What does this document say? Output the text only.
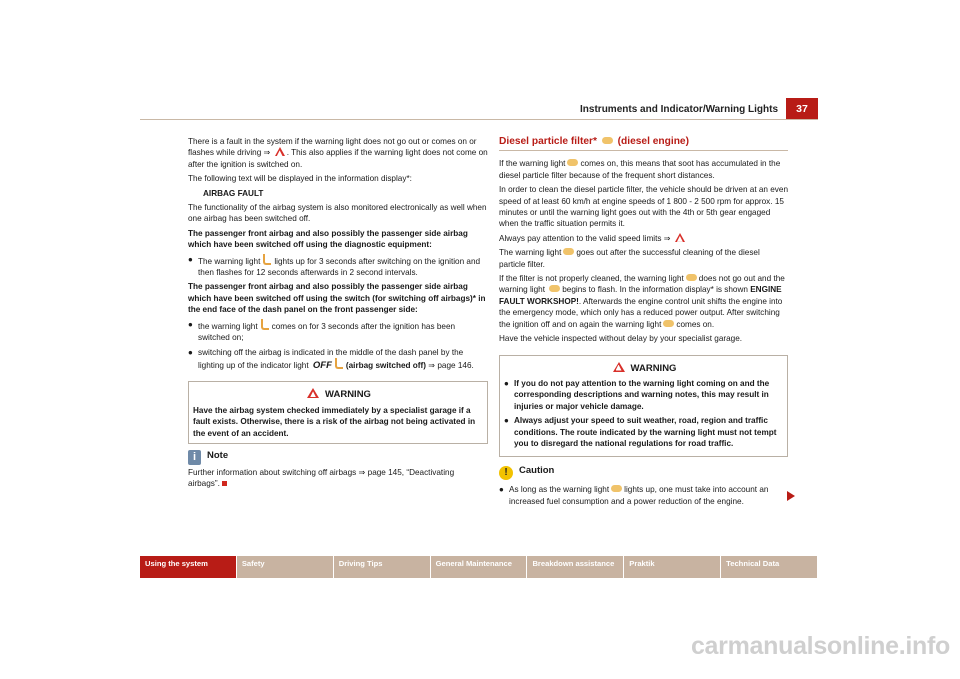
Instruments and Indicator/Warning Lights	37

There is a fault in the system if the warning light does not go out or comes on or flashes while driving ⇒ . This also applies if the warning light does not come on after the ignition is switched on.

The following text will be displayed in the information display*:

AIRBAG FAULT

The functionality of the airbag system is also monitored electronically as well when one airbag has been switched off.

The passenger front airbag and also possibly the passenger side airbag which have been switched off using the diagnostic equipment:

● The warning light lights up for 3 seconds after switching on the ignition and then flashes for 12 seconds afterwards in 2 second intervals.

The passenger front airbag and also possibly the passenger side airbag which have been switched off using the switch (for switching off airbags)* in the end face of the dash panel on the front passenger side:

● the warning light comes on for 3 seconds after the ignition has been switched on;

● switching off the airbag is indicated in the middle of the dash panel by the lighting up of the indicator light OFF (airbag switched off) ⇒ page 146.

WARNING
Have the airbag system checked immediately by a specialist garage if a fault exists. Otherwise, there is a risk of the airbag not being activated in the event of an accident.
i Note

Further information about switching off airbags ⇒ page 145, “Deactivating airbags”.

Diesel particle filter* (diesel engine)

If the warning light comes on, this means that soot has accumulated in the diesel particle filter because of the frequent short distances.

In order to clean the diesel particle filter, the vehicle should be driven at an even speed of at least 60 km/h at engine speeds of 1 800 - 2 500 rpm for approx. 15 minutes or until the warning light goes out with the 4th or 5th gear engaged when the traffic situation permits it.

Always pay attention to the valid speed limits ⇒

The warning light goes out after the successful cleaning of the diesel particle filter.

If the filter is not properly cleaned, the warning light does not go out and the warning light begins to flash. In the information display* is shown ENGINE FAULT WORKSHOP!. Afterwards the engine control unit shifts the engine into the emergency mode, which only has a reduced power output. After switching the ignition off and on again the warning light comes on.

Have the vehicle inspected without delay by your specialist garage.

WARNING

● If you do not pay attention to the warning light coming on and the corresponding descriptions and warning notes, this may result in injuries or major vehicle damage.

● Always adjust your speed to suit weather, road, region and traffic conditions. The route indicated by the warning light must not tempt you to disregard the national regulations for road traffic.

! Caution

● As long as the warning light lights up, one must take into account an increased fuel consumption and a power reduction of the engine.

Using the system	Safety	Driving Tips	General Maintenance	Breakdown assistance	Praktik	Technical Data
carmanualsonline.info
